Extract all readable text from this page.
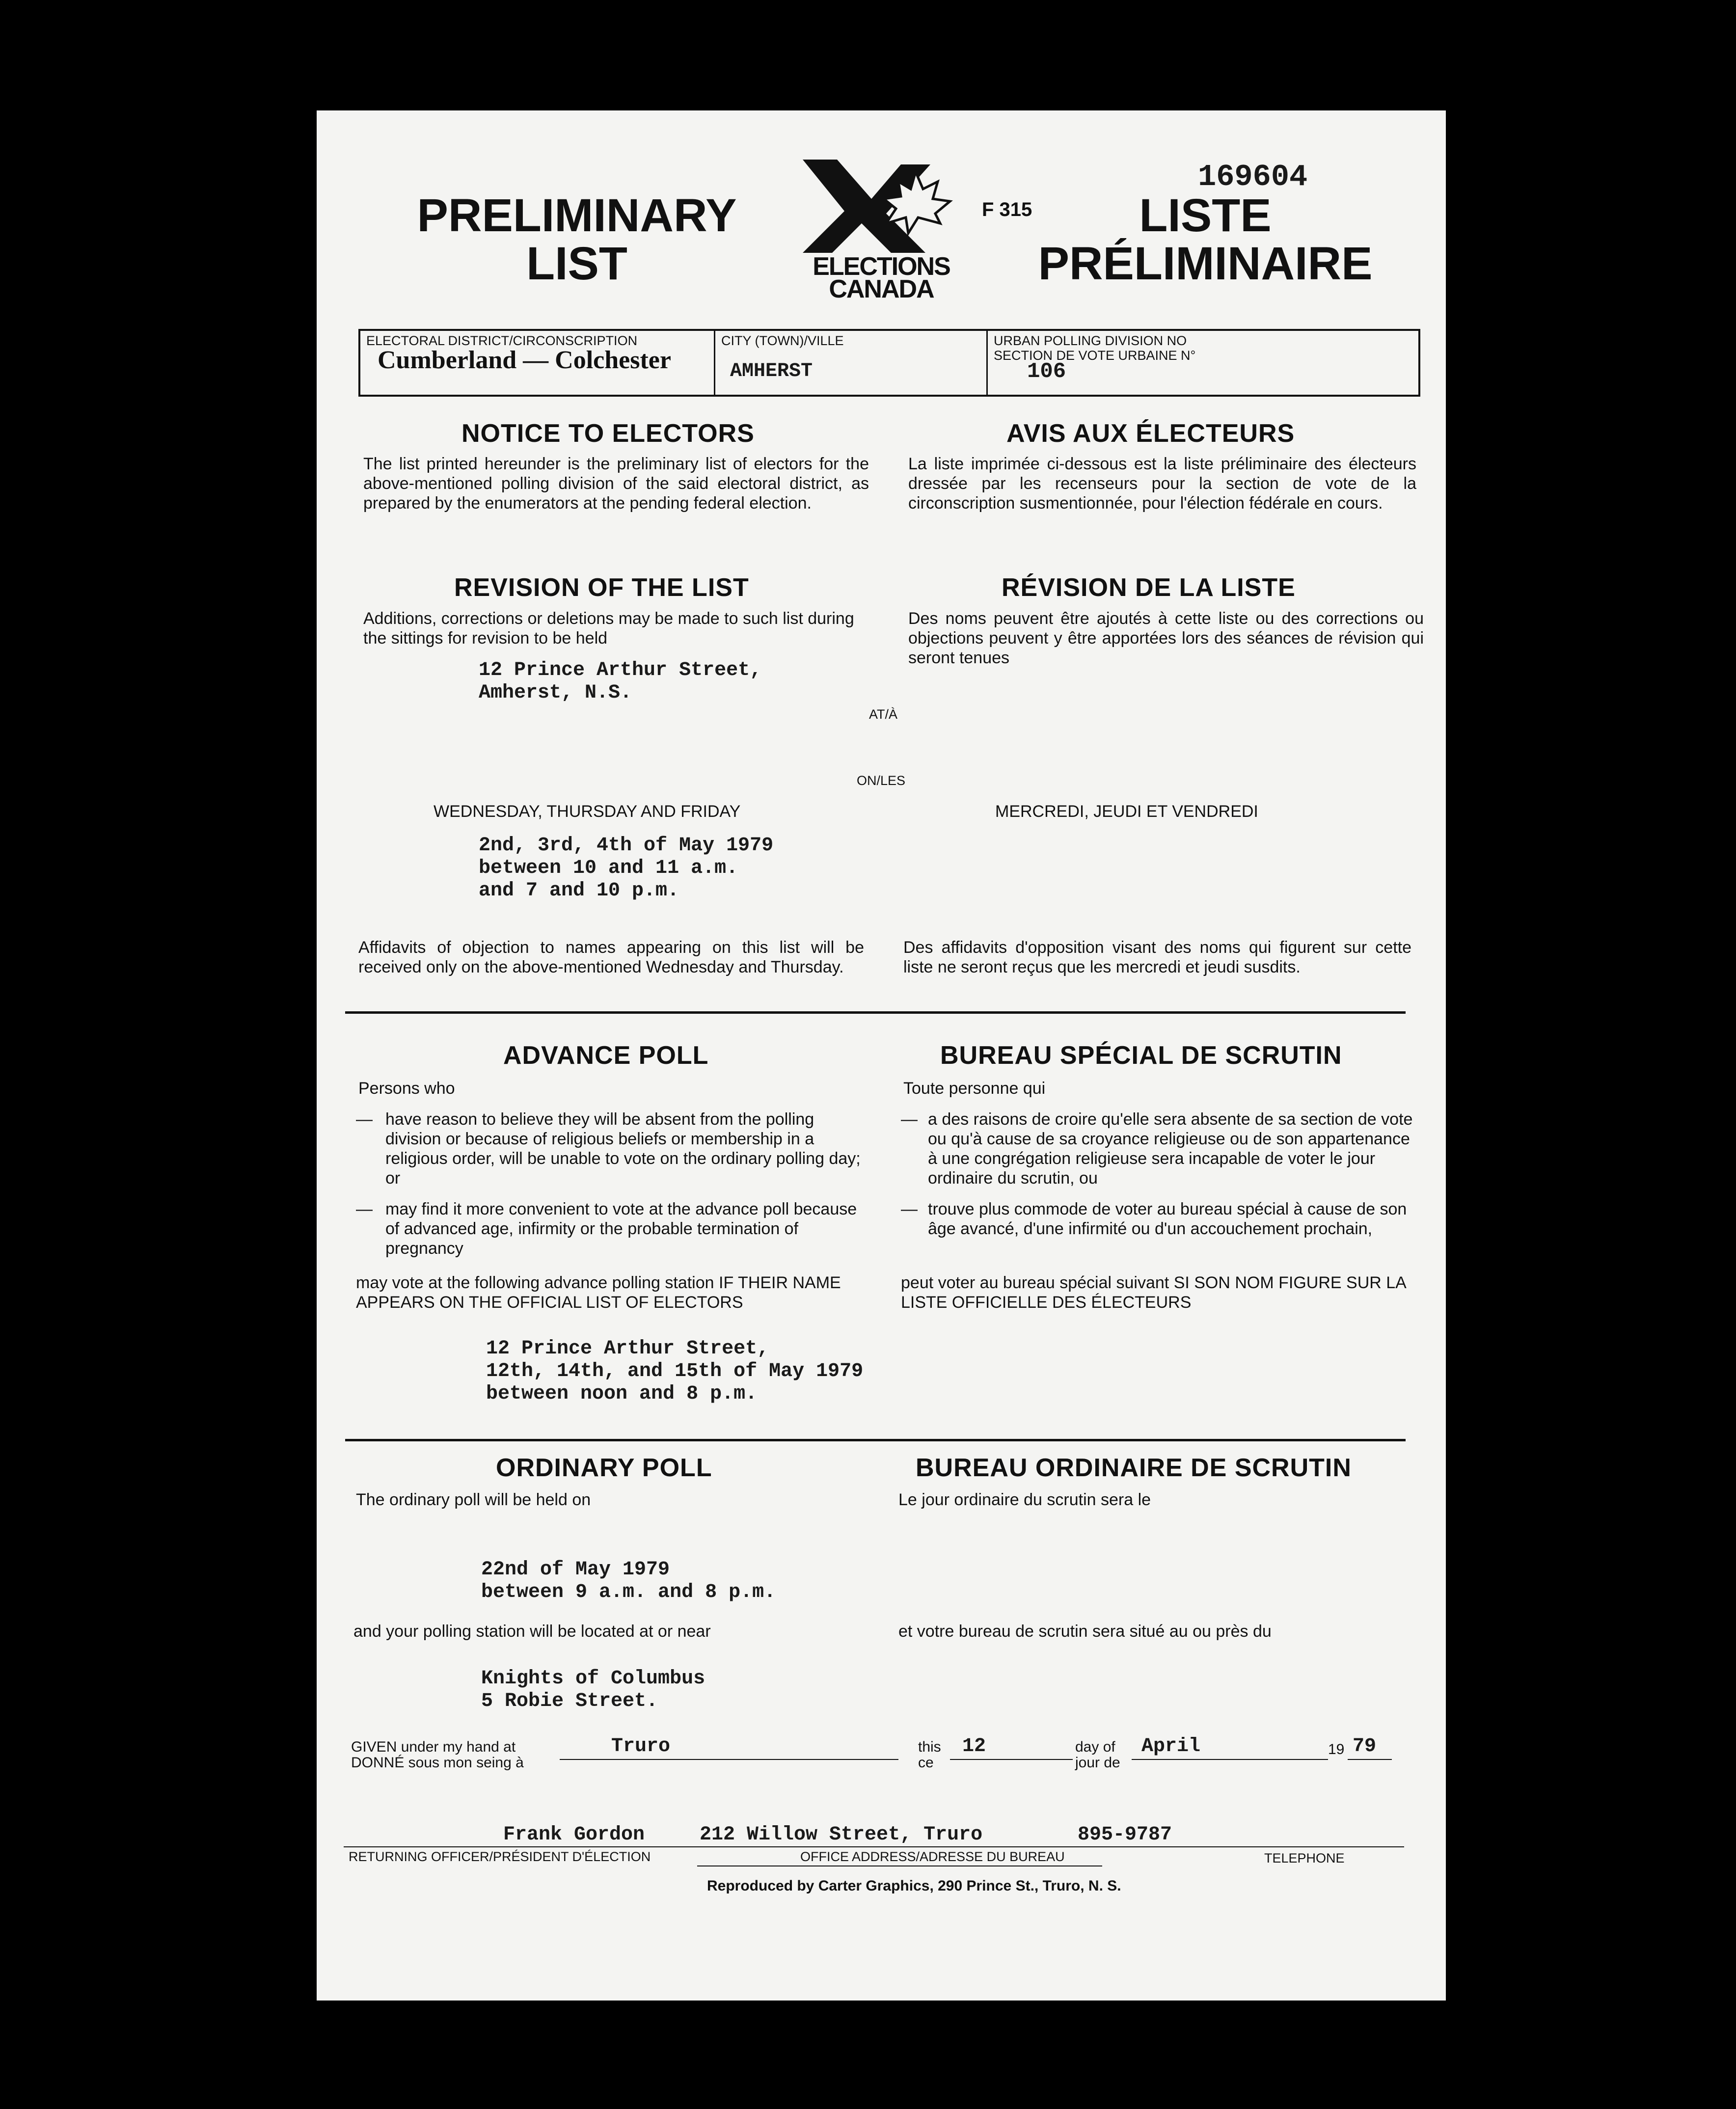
PRELIMINARY
LIST	ELECTIONS
CANADA
F 315
169604
LISTE
PRÉLIMINAIRE
ELECTORAL DISTRICT/CIRCONSCRIPTION
Cumberland — Colchester
CITY (TOWN)/VILLE
AMHERST
URBAN POLLING DIVISION NO
SECTION DE VOTE URBAINE N°
106
NOTICE TO ELECTORS	AVIS AUX ÉLECTEURS
The list printed hereunder is the preliminary list of electors for the above-mentioned polling division of the said electoral district, as prepared by the enumerators at the pending federal election.
La liste imprimée ci-dessous est la liste préliminaire des électeurs dressée par les recenseurs pour la section de vote de la circonscription susmentionnée, pour l'élection fédérale en cours.
REVISION OF THE LIST	RÉVISION DE LA LISTE
Additions, corrections or deletions may be made to such list during the sittings for revision to be held
Des noms peuvent être ajoutés à cette liste ou des corrections ou objections peuvent y être apportées lors des séances de révision qui seront tenues
12 Prince Arthur Street,
Amherst, N.S.
AT/À
ON/LES
WEDNESDAY, THURSDAY AND FRIDAY	MERCREDI, JEUDI ET VENDREDI
2nd, 3rd, 4th of May 1979
between 10 and 11 a.m.
and 7 and 10 p.m.
Affidavits of objection to names appearing on this list will be received only on the above-mentioned Wednesday and Thursday.
Des affidavits d'opposition visant des noms qui figurent sur cette liste ne seront reçus que les mercredi et jeudi susdits.
ADVANCE POLL	BUREAU SPÉCIAL DE SCRUTIN
Persons who	Toute personne qui
— have reason to believe they will be absent from the polling division or because of religious beliefs or membership in a religious order, will be unable to vote on the ordinary polling day; or
— may find it more convenient to vote at the advance poll because of advanced age, infirmity or the probable termination of pregnancy
— a des raisons de croire qu'elle sera absente de sa section de vote ou qu'à cause de sa croyance religieuse ou de son appartenance à une congrégation religieuse sera incapable de voter le jour ordinaire du scrutin, ou
— trouve plus commode de voter au bureau spécial à cause de son âge avancé, d'une infirmité ou d'un accouchement prochain,
may vote at the following advance polling station IF THEIR NAME APPEARS ON THE OFFICIAL LIST OF ELECTORS
peut voter au bureau spécial suivant SI SON NOM FIGURE SUR LA LISTE OFFICIELLE DES ÉLECTEURS
12 Prince Arthur Street,
12th, 14th, and 15th of May 1979
between noon and 8 p.m.
ORDINARY POLL	BUREAU ORDINAIRE DE SCRUTIN
The ordinary poll will be held on	Le jour ordinaire du scrutin sera le
22nd of May 1979
between 9 a.m. and 8 p.m.
and your polling station will be located at or near	et votre bureau de scrutin sera situé au ou près du
Knights of Columbus
5 Robie Street.
GIVEN under my hand at
DONNÉ sous mon seing à
Truro	this
ce
12	day of
jour de
April	19 79
Frank Gordon	212 Willow Street, Truro	895-9787
RETURNING OFFICER/PRÉSIDENT D'ÉLECTION	OFFICE ADDRESS/ADRESSE DU BUREAU	TELEPHONE
Reproduced by Carter Graphics, 290 Prince St., Truro, N. S.
